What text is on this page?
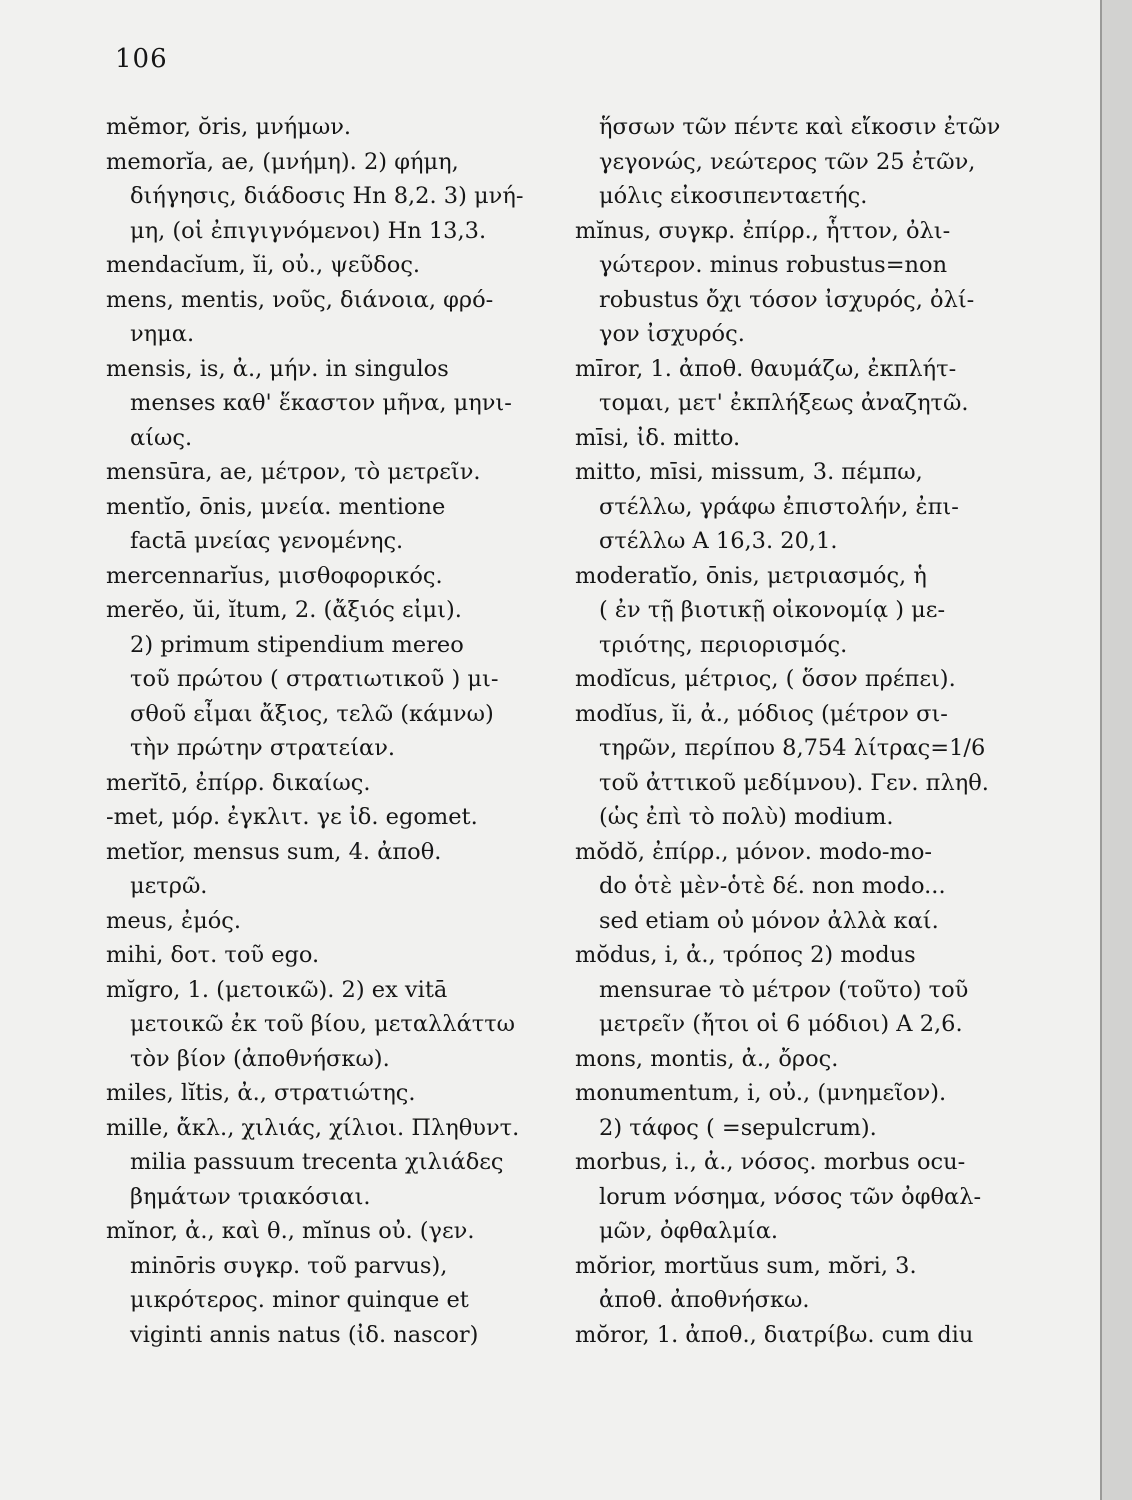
106
mĕmor, ŏris, μνήμων.
memorĭa, ae, (μνήμη). 2) φήμη,
διήγησις, διάδοσις Hn 8,2. 3) μνή-
μη, (οἱ ἐπιγιγνόμενοι) Hn 13,3.
mendacĭum, ĭi, οὐ., ψεῦδος.
mens, mentis, νοῦς, διάνοια, φρό-
νημα.
mensis, is, ἀ., μήν. in singulos
menses καθ' ἕκαστον μῆνα, μηνι-
αίως.
mensūra, ae, μέτρον, τὸ μετρεῖν.
mentĭo, ōnis, μνεία. mentione
factā μνείας γενομένης.
mercennarĭus, μισθοφορικός.
merĕo, ŭi, ĭtum, 2. (ἄξιός εἰμι).
2) primum stipendium mereo
τοῦ πρώτου ( στρατιωτικοῦ ) μι-
σθοῦ εἶμαι ἄξιος, τελῶ (κάμνω)
τὴν πρώτην στρατείαν.
merĭtō, ἐπίρρ. δικαίως.
-met, μόρ. ἐγκλιτ. γε ἰδ. egomet.
metĭor, mensus sum, 4. ἀποθ.
μετρῶ.
meus, ἐμός.
mihi, δοτ. τοῦ ego.
mĭgro, 1. (μετοικῶ). 2) ex vitā
μετοικῶ ἐκ τοῦ βίου, μεταλλάττω
τὸν βίον (ἀποθνήσκω).
miles, lĭtis, ἀ., στρατιώτης.
mille, ἄκλ., χιλιάς, χίλιοι. Πληθυντ.
milia passuum trecenta χιλιάδες
βημάτων τριακόσιαι.
mĭnor, ἀ., καὶ θ., mĭnus οὐ. (γεν.
minōris συγκρ. τοῦ parvus),
μικρότερος. minor quinque et
viginti annis natus (ἰδ. nascor)
ἥσσων τῶν πέντε καὶ εἴκοσιν ἐτῶν
γεγονώς, νεώτερος τῶν 25 ἐτῶν,
μόλις εἰκοσιπενταετής.
mĭnus, συγκρ. ἐπίρρ., ἧττον, ὀλι-
γώτερον. minus robustus=non
robustus ὄχι τόσον ἰσχυρός, ὀλί-
γον ἰσχυρός.
mīror, 1. ἀποθ. θαυμάζω, ἐκπλήτ-
τομαι, μετ' ἐκπλήξεως ἀναζητῶ.
mīsi, ἰδ. mitto.
mitto, mīsi, missum, 3. πέμπω,
στέλλω, γράφω ἐπιστολήν, ἐπι-
στέλλω A 16,3. 20,1.
moderatĭo, ōnis, μετριασμός, ἡ
( ἐν τῇ βιοτικῇ οἰκονομίᾳ ) με-
τριότης, περιορισμός.
modĭcus, μέτριος, ( ὅσον πρέπει).
modĭus, ĭi, ἀ., μόδιος (μέτρον σι-
τηρῶν, περίπου 8,754 λίτρας=1/6
τοῦ ἀττικοῦ μεδίμνου). Γεν. πληθ.
(ὡς ἐπὶ τὸ πολὺ) modium.
mŏdŏ, ἐπίρρ., μόνον. modo-mo-
do ὁτὲ μὲν-ὁτὲ δέ. non modo...
sed etiam οὐ μόνον ἀλλὰ καί.
mŏdus, i, ἀ., τρόπος 2) modus
mensurae τὸ μέτρον (τοῦτο) τοῦ
μετρεῖν (ἤτοι οἱ 6 μόδιοι) A 2,6.
mons, montis, ἀ., ὄρος.
monumentum, i, οὐ., (μνημεῖον).
2) τάφος ( =sepulcrum).
morbus, i., ἀ., νόσος. morbus ocu-
lorum νόσημα, νόσος τῶν ὀφθαλ-
μῶν, ὀφθαλμία.
mŏrior, mortŭus sum, mŏri, 3.
ἀποθ. ἀποθνήσκω.
mŏror, 1. ἀποθ., διατρίβω. cum diu
